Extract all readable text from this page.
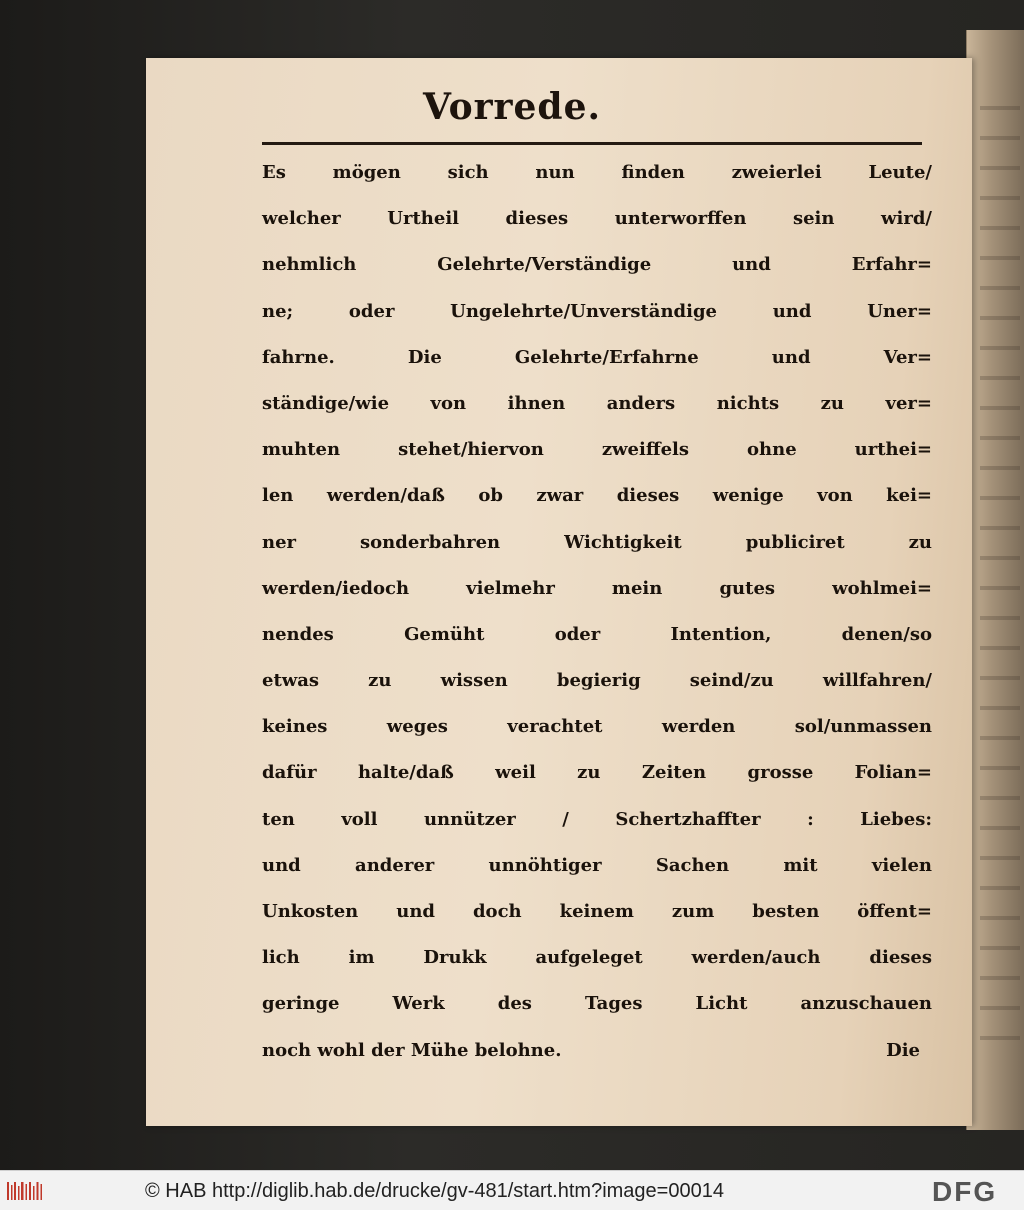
Vorrede.
Es mögen sich nun finden zweierlei Leute/
welcher Urtheil dieses unterworffen sein wird/
nehmlich Gelehrte/Verständige und Erfahr=
ne; oder Ungelehrte/Unverständige und Uner=
fahrne. Die Gelehrte/Erfahrne und Ver=
ständige/wie von ihnen anders nichts zu ver=
muhten stehet/hiervon zweiffels ohne urthei=
len werden/daß ob zwar dieses wenige von kei=
ner sonderbahren Wichtigkeit publiciret zu
werden/iedoch vielmehr mein gutes wohlmei=
nendes Gemüht oder Intention, denen/so
etwas zu wissen begierig seind/zu willfahren/
keines weges verachtet werden sol/unmassen
dafür halte/daß weil zu Zeiten grosse Folian=
ten voll unnützer / Schertzhaffter : Liebes:
und anderer unnöhtiger Sachen mit vielen
Unkosten und doch keinem zum besten öffent=
lich im Drukk aufgeleget werden/auch dieses
geringe Werk des Tages Licht anzuschauen
noch wohl der Mühe belohne.	Die
© HAB http://diglib.hab.de/drucke/gv-481/start.htm?image=00014	DFG
